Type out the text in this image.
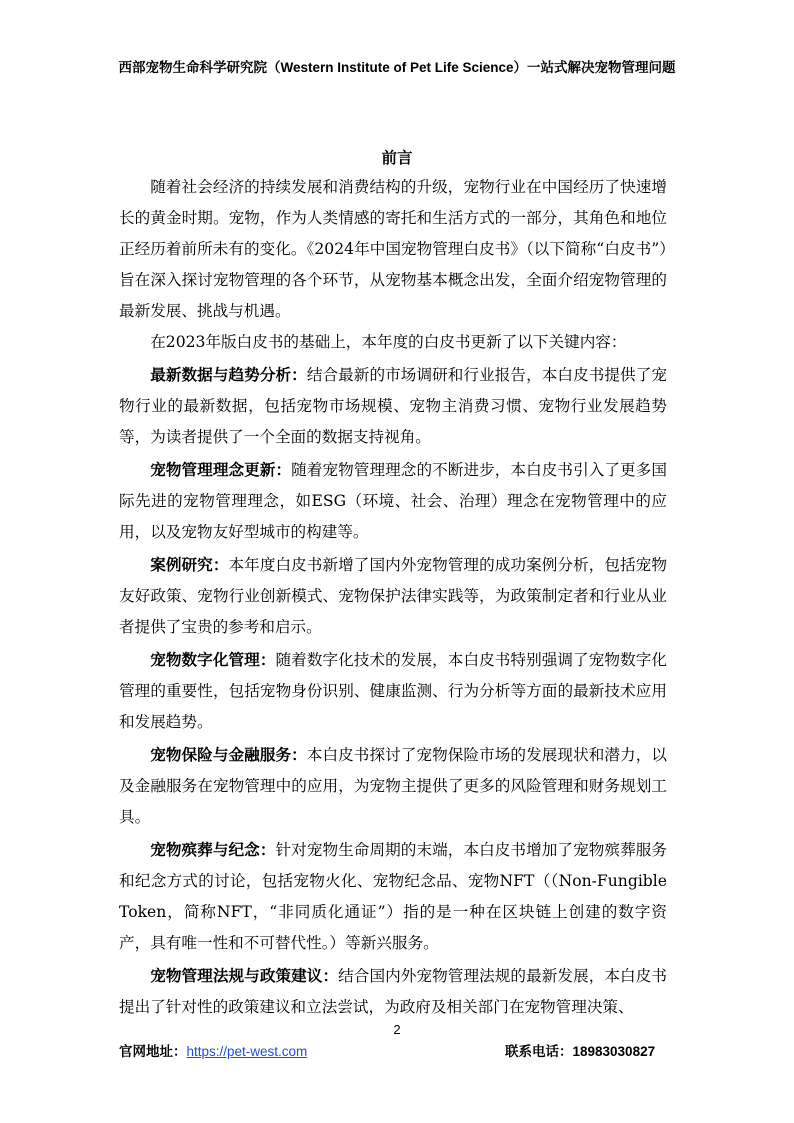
西部宠物生命科学研究院（Western Institute of Pet Life Science）一站式解决宠物管理问题
前言

随着社会经济的持续发展和消费结构的升级，宠物行业在中国经历了快速增长的黄金时期。宠物，作为人类情感的寄托和生活方式的一部分，其角色和地位正经历着前所未有的变化。《2024年中国宠物管理白皮书》（以下简称“白皮书”）旨在深入探讨宠物管理的各个环节，从宠物基本概念出发，全面介绍宠物管理的最新发展、挑战与机遇。

在2023年版白皮书的基础上，本年度的白皮书更新了以下关键内容：

最新数据与趋势分析：结合最新的市场调研和行业报告，本白皮书提供了宠物行业的最新数据，包括宠物市场规模、宠物主消费习惯、宠物行业发展趋势等，为读者提供了一个全面的数据支持视角。

宠物管理理念更新：随着宠物管理理念的不断进步，本白皮书引入了更多国际先进的宠物管理理念，如ESG（环境、社会、治理）理念在宠物管理中的应用，以及宠物友好型城市的构建等。

案例研究：本年度白皮书新增了国内外宠物管理的成功案例分析，包括宠物友好政策、宠物行业创新模式、宠物保护法律实践等，为政策制定者和行业从业者提供了宝贵的参考和启示。

宠物数字化管理：随着数字化技术的发展，本白皮书特别强调了宠物数字化管理的重要性，包括宠物身份识别、健康监测、行为分析等方面的最新技术应用和发展趋势。

宠物保险与金融服务：本白皮书探讨了宠物保险市场的发展现状和潜力，以及金融服务在宠物管理中的应用，为宠物主提供了更多的风险管理和财务规划工具。

宠物殡葬与纪念：针对宠物生命周期的末端，本白皮书增加了宠物殡葬服务和纪念方式的讨论，包括宠物火化、宠物纪念品、宠物NFT（（Non-Fungible Token，简称NFT，“非同质化通证”）指的是一种在区块链上创建的数字资产，具有唯一性和不可替代性。）等新兴服务。

宠物管理法规与政策建议：结合国内外宠物管理法规的最新发展，本白皮书提出了针对性的政策建议和立法尝试，为政府及相关部门在宠物管理决策、

2
官网地址：https://pet-west.com	联系电话：18983030827
